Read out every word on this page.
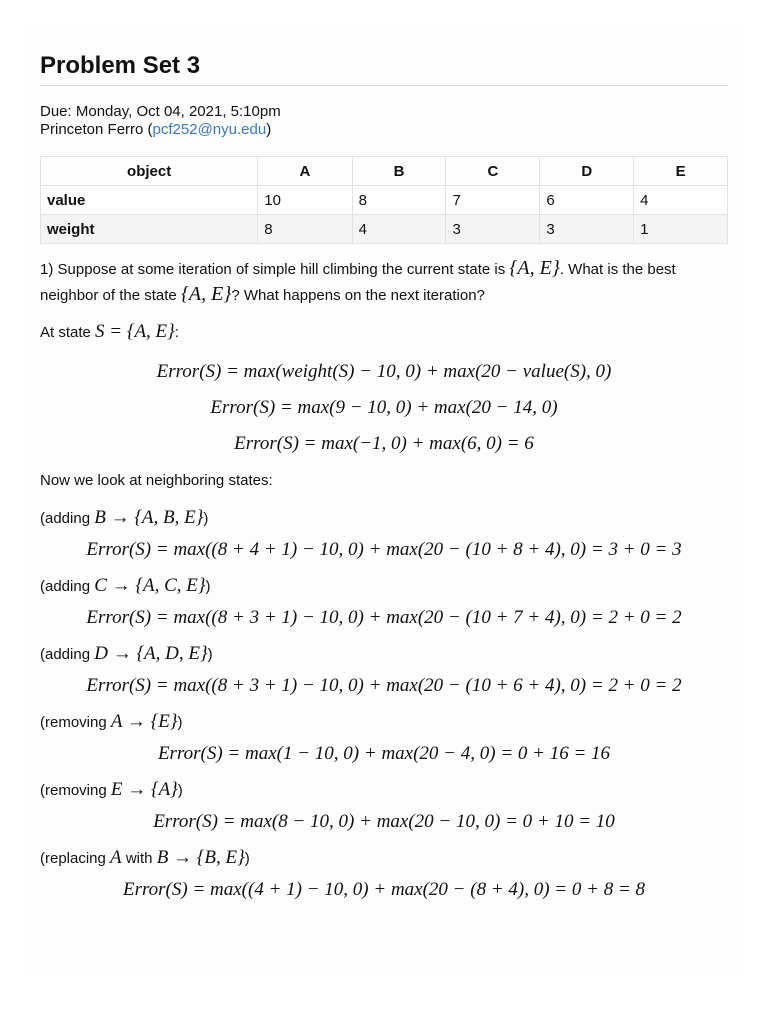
Problem Set 3
Due: Monday, Oct 04, 2021, 5:10pm
Princeton Ferro (pcf252@nyu.edu)
object	A	B	C	D	E
value	10	8	7	6	4
weight	8	4	3	3	1
1) Suppose at some iteration of simple hill climbing the current state is {A, E}. What is the best neighbor of the state {A, E}? What happens on the next iteration?
At state S = {A, E}:
Error(S) = max(weight(S) − 10, 0) + max(20 − value(S), 0)
Error(S) = max(9 − 10, 0) + max(20 − 14, 0)
Error(S) = max(−1, 0) + max(6, 0) = 6
Now we look at neighboring states:
(adding B → {A, B, E})
Error(S) = max((8 + 4 + 1) − 10, 0) + max(20 − (10 + 8 + 4), 0) = 3 + 0 = 3
(adding C → {A, C, E})
Error(S) = max((8 + 3 + 1) − 10, 0) + max(20 − (10 + 7 + 4), 0) = 2 + 0 = 2
(adding D → {A, D, E})
Error(S) = max((8 + 3 + 1) − 10, 0) + max(20 − (10 + 6 + 4), 0) = 2 + 0 = 2
(removing A → {E})
Error(S) = max(1 − 10, 0) + max(20 − 4, 0) = 0 + 16 = 16
(removing E → {A})
Error(S) = max(8 − 10, 0) + max(20 − 10, 0) = 0 + 10 = 10
(replacing A with B → {B, E})
Error(S) = max((4 + 1) − 10, 0) + max(20 − (8 + 4), 0) = 0 + 8 = 8
